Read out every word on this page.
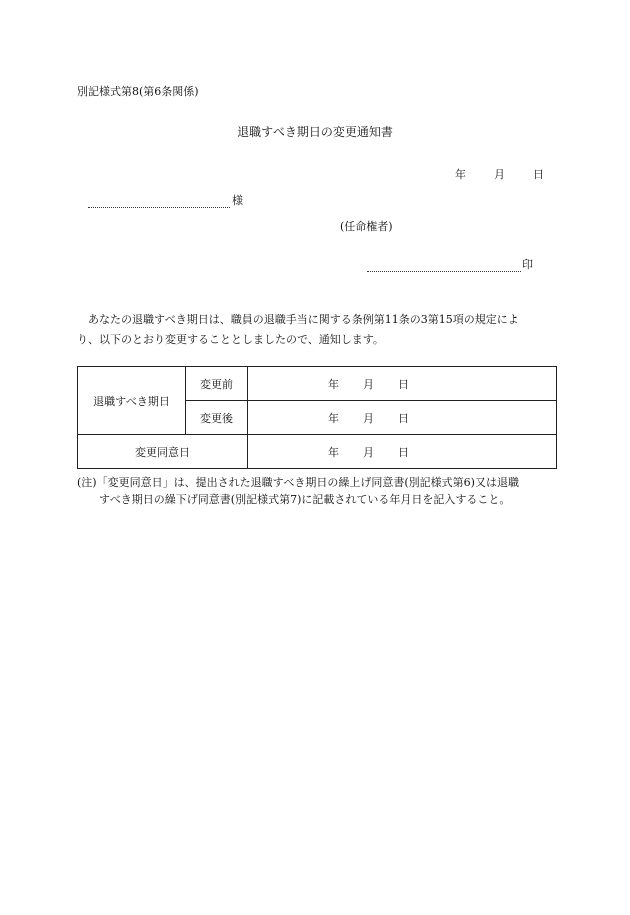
別記様式第8(第6条関係)
退職すべき期日の変更通知書
年	月	日
様
(任命権者)
印
あなたの退職すべき期日は、職員の退職手当に関する条例第11条の3第15項の規定によ
り、以下のとおり変更することとしましたので、通知します。
退職すべき期日	変更前	年 月 日
	変更後	年 月 日
変更同意日		年 月 日
(注)「変更同意日」は、提出された退職すべき期日の繰上げ同意書(別記様式第6)又は退職
すべき期日の繰下げ同意書(別記様式第7)に記載されている年月日を記入すること。
